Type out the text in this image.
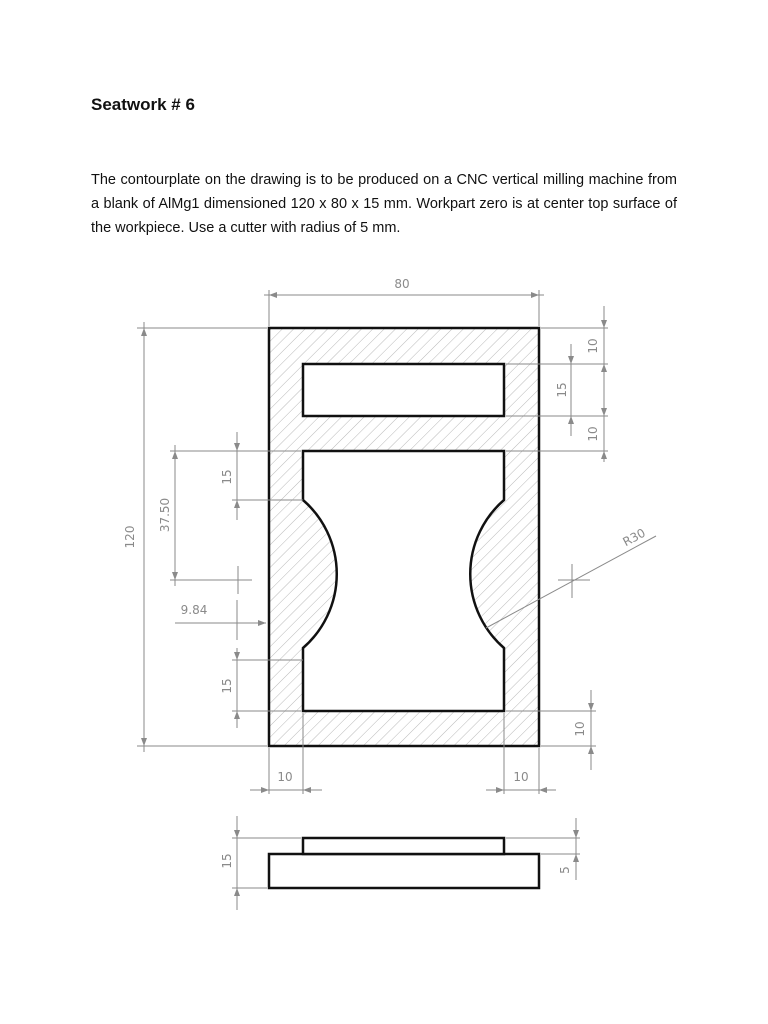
Seatwork # 6
The contourplate on the drawing is to be produced on a CNC vertical milling machine from a blank of AlMg1 dimensioned 120 x 80 x 15 mm. Workpart zero is at center top surface of the workpiece. Use a cutter with radius of 5 mm.
80
120
10
15
10
37.50
15
9.84
15
R30
10
10	10
15
5
